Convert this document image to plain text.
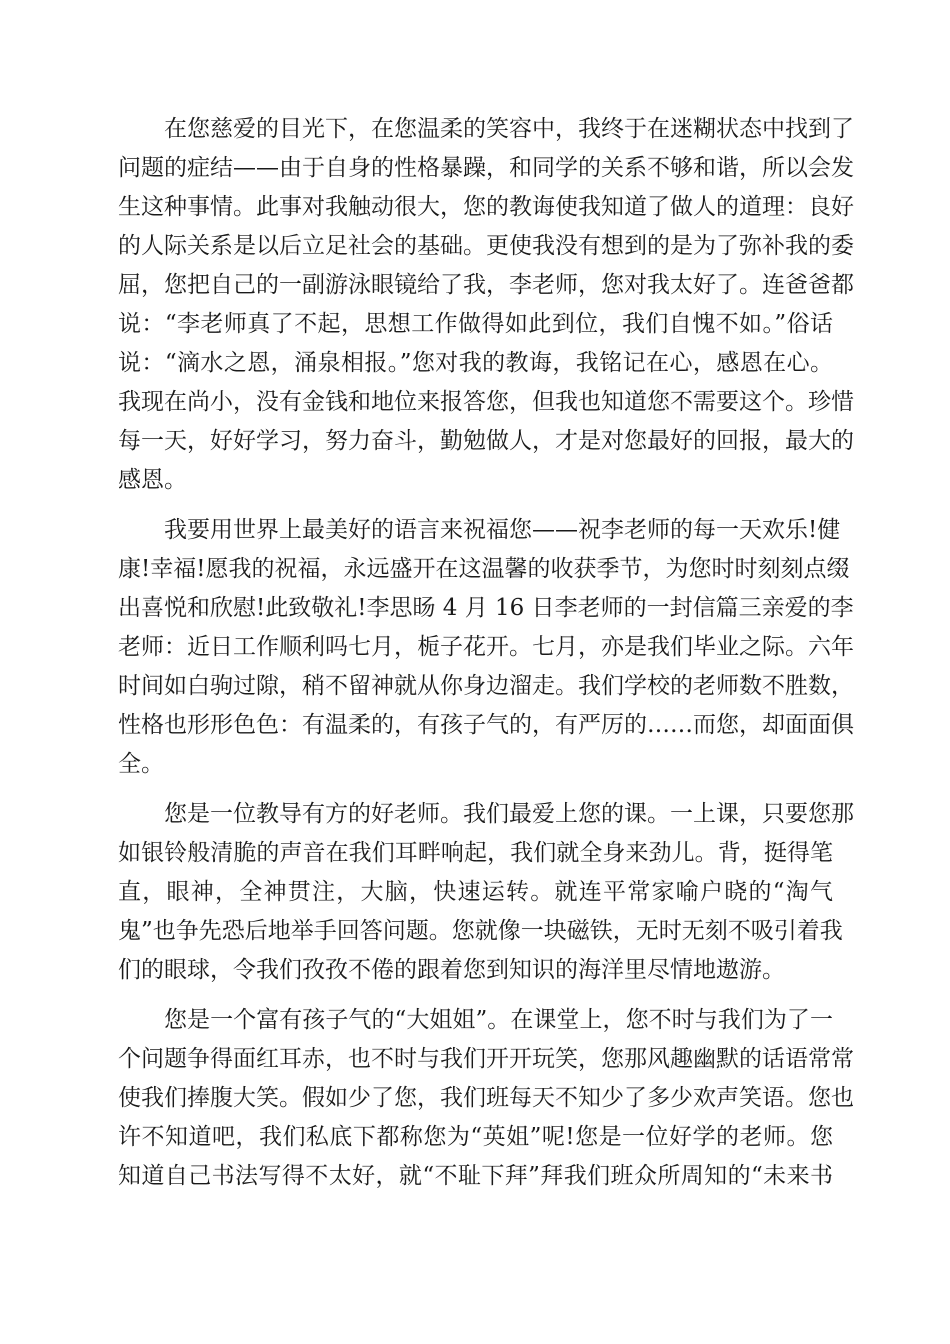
在您慈爱的目光下，在您温柔的笑容中，我终于在迷糊状态中找到了
问题的症结——由于自身的性格暴躁，和同学的关系不够和谐，所以会发
生这种事情。此事对我触动很大，您的教诲使我知道了做人的道理：良好
的人际关系是以后立足社会的基础。更使我没有想到的是为了弥补我的委
屈，您把自己的一副游泳眼镜给了我，李老师，您对我太好了。连爸爸都
说：“李老师真了不起，思想工作做得如此到位，我们自愧不如。”俗话
说：“滴水之恩，涌泉相报。”您对我的教诲，我铭记在心，感恩在心。
我现在尚小，没有金钱和地位来报答您，但我也知道您不需要这个。珍惜
每一天，好好学习，努力奋斗，勤勉做人，才是对您最好的回报，最大的
感恩。
我要用世界上最美好的语言来祝福您——祝李老师的每一天欢乐!健
康!幸福!愿我的祝福，永远盛开在这温馨的收获季节，为您时时刻刻点缀
出喜悦和欣慰!此致敬礼!李思旸 4 月 16 日李老师的一封信篇三亲爱的李
老师：近日工作顺利吗七月，栀子花开。七月，亦是我们毕业之际。六年
时间如白驹过隙，稍不留神就从你身边溜走。我们学校的老师数不胜数，
性格也形形色色：有温柔的，有孩子气的，有严厉的……而您，却面面俱
全。
您是一位教导有方的好老师。我们最爱上您的课。一上课，只要您那
如银铃般清脆的声音在我们耳畔响起，我们就全身来劲儿。背，挺得笔
直，眼神，全神贯注，大脑，快速运转。就连平常家喻户晓的“淘气
鬼”也争先恐后地举手回答问题。您就像一块磁铁，无时无刻不吸引着我
们的眼球，令我们孜孜不倦的跟着您到知识的海洋里尽情地遨游。
您是一个富有孩子气的“大姐姐”。在课堂上，您不时与我们为了一
个问题争得面红耳赤，也不时与我们开开玩笑，您那风趣幽默的话语常常
使我们捧腹大笑。假如少了您，我们班每天不知少了多少欢声笑语。您也
许不知道吧，我们私底下都称您为“英姐”呢!您是一位好学的老师。您
知道自己书法写得不太好，就“不耻下拜”拜我们班众所周知的“未来书
